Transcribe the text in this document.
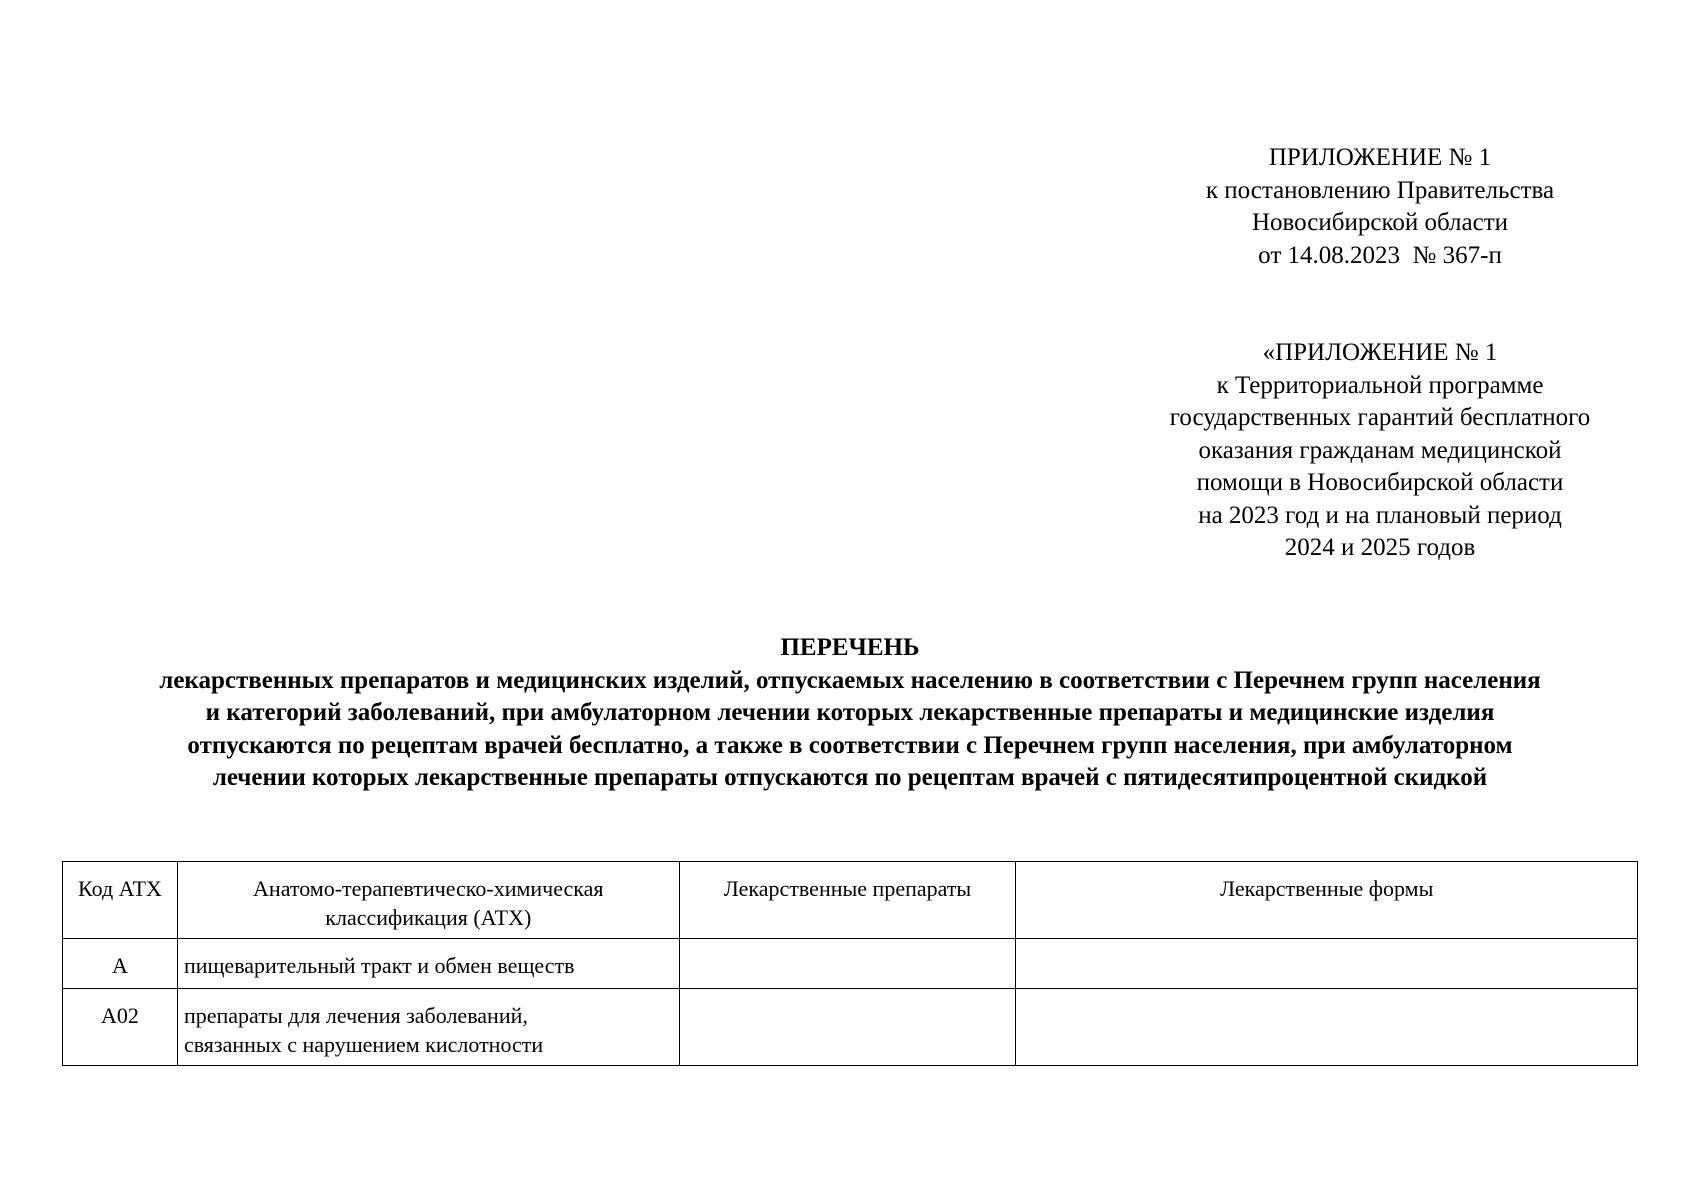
ПРИЛОЖЕНИЕ № 1
к постановлению Правительства
Новосибирской области
от 14.08.2023  № 367-п
«ПРИЛОЖЕНИЕ № 1
к Территориальной программе
государственных гарантий бесплатного
оказания гражданам медицинской
помощи в Новосибирской области
на 2023 год и на плановый период
2024 и 2025 годов
ПЕРЕЧЕНЬ
лекарственных препаратов и медицинских изделий, отпускаемых населению в соответствии с Перечнем групп населения
и категорий заболеваний, при амбулаторном лечении которых лекарственные препараты и медицинские изделия
отпускаются по рецептам врачей бесплатно, а также в соответствии с Перечнем групп населения, при амбулаторном
лечении которых лекарственные препараты отпускаются по рецептам врачей с пятидесятипроцентной скидкой
Код АТХ	Анатомо-терапевтическо-химическая классификация (АТХ)	Лекарственные препараты	Лекарственные формы
А	пищеварительный тракт и обмен веществ		
А02	препараты для лечения заболеваний, связанных с нарушением кислотности		
